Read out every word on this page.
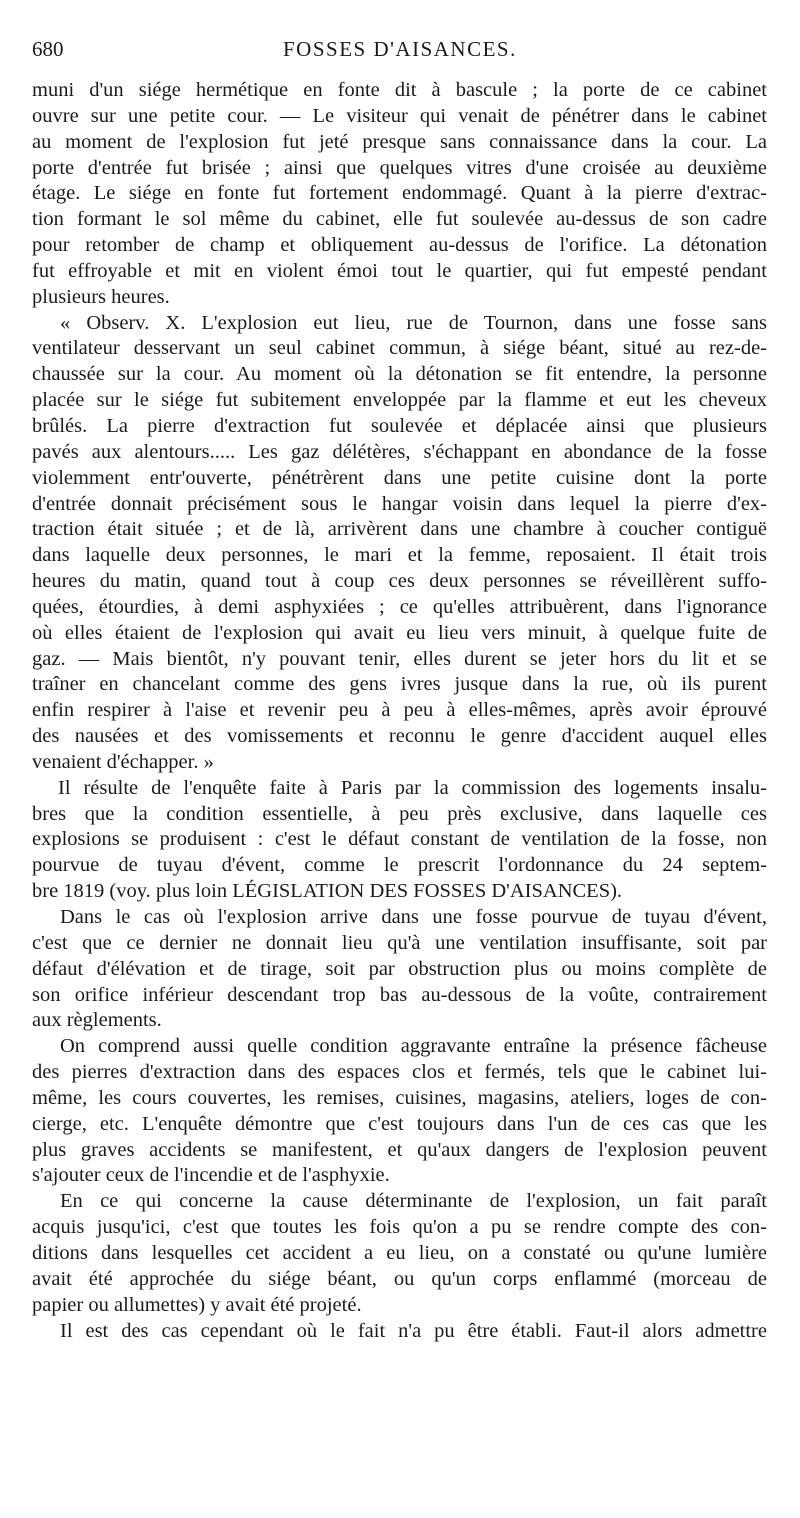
680	FOSSES D'AISANCES.
muni d'un siége hermétique en fonte dit à bascule ; la porte de ce cabinet
ouvre sur une petite cour. — Le visiteur qui venait de pénétrer dans le cabinet
au moment de l'explosion fut jeté presque sans connaissance dans la cour. La
porte d'entrée fut brisée ; ainsi que quelques vitres d'une croisée au deuxième
étage. Le siége en fonte fut fortement endommagé. Quant à la pierre d'extrac-
tion formant le sol même du cabinet, elle fut soulevée au-dessus de son cadre
pour retomber de champ et obliquement au-dessus de l'orifice. La détonation
fut effroyable et mit en violent émoi tout le quartier, qui fut empesté pendant
plusieurs heures.
« Observ. X. L'explosion eut lieu, rue de Tournon, dans une fosse sans
ventilateur desservant un seul cabinet commun, à siége béant, situé au rez-de-
chaussée sur la cour. Au moment où la détonation se fit entendre, la personne
placée sur le siége fut subitement enveloppée par la flamme et eut les cheveux
brûlés. La pierre d'extraction fut soulevée et déplacée ainsi que plusieurs
pavés aux alentours..... Les gaz délétères, s'échappant en abondance de la fosse
violemment entr'ouverte, pénétrèrent dans une petite cuisine dont la porte
d'entrée donnait précisément sous le hangar voisin dans lequel la pierre d'ex-
traction était située ; et de là, arrivèrent dans une chambre à coucher contiguë
dans laquelle deux personnes, le mari et la femme, reposaient. Il était trois
heures du matin, quand tout à coup ces deux personnes se réveillèrent suffo-
quées, étourdies, à demi asphyxiées ; ce qu'elles attribuèrent, dans l'ignorance
où elles étaient de l'explosion qui avait eu lieu vers minuit, à quelque fuite de
gaz. — Mais bientôt, n'y pouvant tenir, elles durent se jeter hors du lit et se
traîner en chancelant comme des gens ivres jusque dans la rue, où ils purent
enfin respirer à l'aise et revenir peu à peu à elles-mêmes, après avoir éprouvé
des nausées et des vomissements et reconnu le genre d'accident auquel elles
venaient d'échapper. »
Il résulte de l'enquête faite à Paris par la commission des logements insalu-
bres que la condition essentielle, à peu près exclusive, dans laquelle ces
explosions se produisent : c'est le défaut constant de ventilation de la fosse, non
pourvue de tuyau d'évent, comme le prescrit l'ordonnance du 24 septem-
bre 1819 (voy. plus loin LÉGISLATION DES FOSSES D'AISANCES).
Dans le cas où l'explosion arrive dans une fosse pourvue de tuyau d'évent,
c'est que ce dernier ne donnait lieu qu'à une ventilation insuffisante, soit par
défaut d'élévation et de tirage, soit par obstruction plus ou moins complète de
son orifice inférieur descendant trop bas au-dessous de la voûte, contrairement
aux règlements.
On comprend aussi quelle condition aggravante entraîne la présence fâcheuse
des pierres d'extraction dans des espaces clos et fermés, tels que le cabinet lui-
même, les cours couvertes, les remises, cuisines, magasins, ateliers, loges de con-
cierge, etc. L'enquête démontre que c'est toujours dans l'un de ces cas que les
plus graves accidents se manifestent, et qu'aux dangers de l'explosion peuvent
s'ajouter ceux de l'incendie et de l'asphyxie.
En ce qui concerne la cause déterminante de l'explosion, un fait paraît
acquis jusqu'ici, c'est que toutes les fois qu'on a pu se rendre compte des con-
ditions dans lesquelles cet accident a eu lieu, on a constaté ou qu'une lumière
avait été approchée du siége béant, ou qu'un corps enflammé (morceau de
papier ou allumettes) y avait été projeté.
Il est des cas cependant où le fait n'a pu être établi. Faut-il alors admettre
